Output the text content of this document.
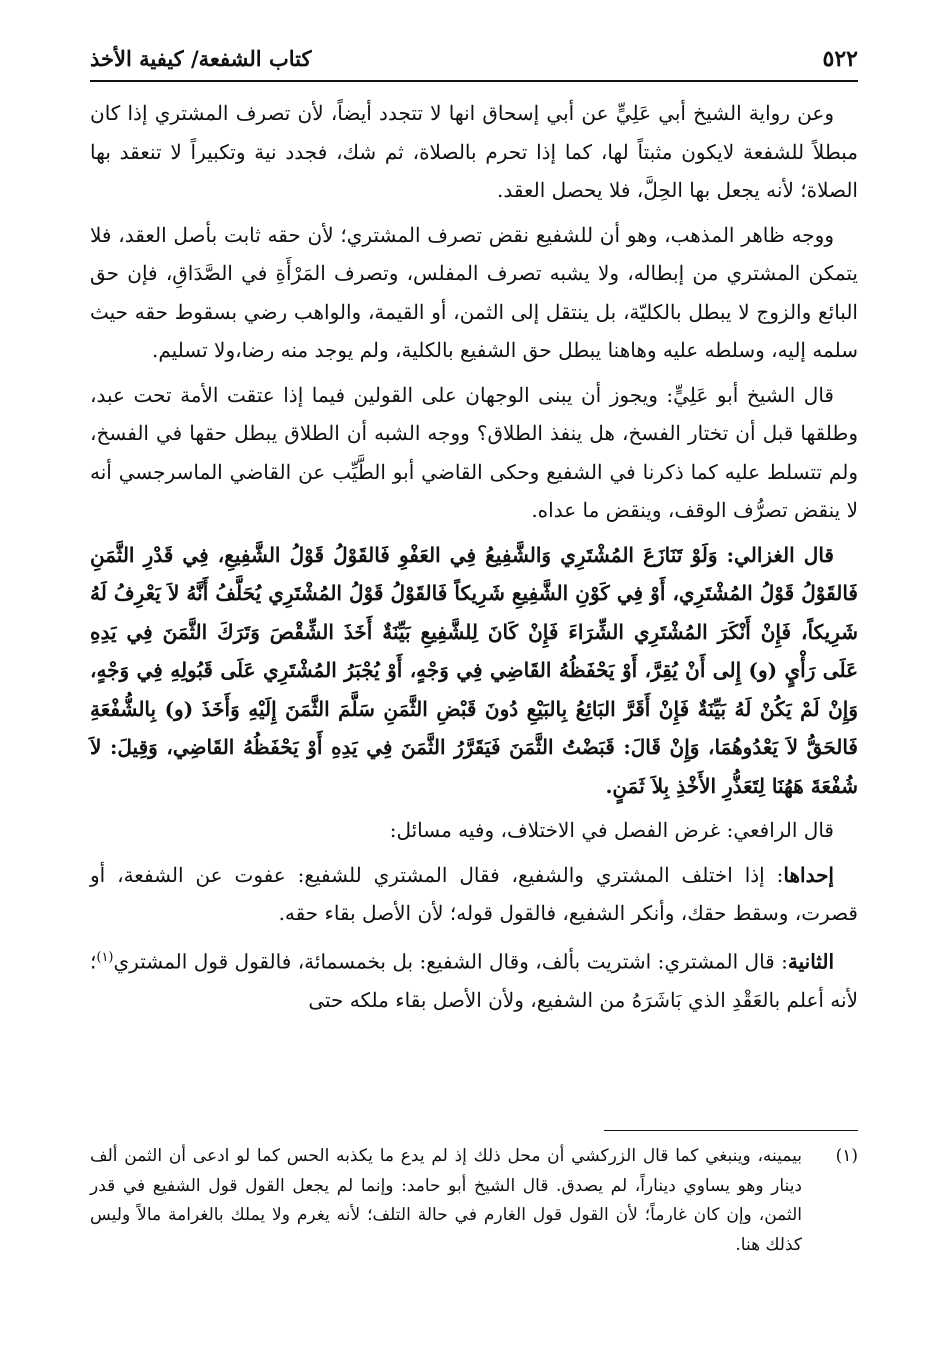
كتاب الشفعة/ كيفية الأخذ	٥٢٢

وعن رواية الشيخ أبي عَلِيٍّ عن أبي إسحاق انها لا تتجدد أيضاً، لأن تصرف المشتري إذا كان مبطلاً للشفعة لايكون مثبتاً لها، كما إذا تحرم بالصلاة، ثم شك، فجدد نية وتكبيراً لا تنعقد بها الصلاة؛ لأنه يجعل بها الحِلَّ، فلا يحصل العقد.

ووجه ظاهر المذهب، وهو أن للشفيع نقض تصرف المشتري؛ لأن حقه ثابت بأصل العقد، فلا يتمكن المشتري من إبطاله، ولا يشبه تصرف المفلس، وتصرف المَرْأَةِ في الصَّدَاقِ، فإن حق البائع والزوج لا يبطل بالكليّة، بل ينتقل إلى الثمن، أو القيمة، والواهب رضي بسقوط حقه حيث سلمه إليه، وسلطه عليه وهاهنا يبطل حق الشفيع بالكلية، ولم يوجد منه رضا،ولا تسليم.

قال الشيخ أبو عَلِيٍّ: ويجوز أن يبنى الوجهان على القولين فيما إذا عتقت الأمة تحت عبد، وطلقها قبل أن تختار الفسخ، هل ينفذ الطلاق؟ ووجه الشبه أن الطلاق يبطل حقها في الفسخ، ولم تتسلط عليه كما ذكرنا في الشفيع وحكى القاضي أبو الطَّيِّب عن القاضي الماسرجسي أنه لا ينقض تصرُّف الوقف، وينقض ما عداه.

قال الغزالي: وَلَوْ تَنَازَعَ المُشْتَرِي وَالشَّفِيعُ فِي العَفْوِ فَالقَوْلُ قَوْلُ الشَّفِيعِ، فِي قَدْرِ الثَّمَنِ فَالقَوْلُ قَوْلُ المُشْتَرِي، أَوْ فِي كَوْنِ الشَّفِيعِ شَرِيكاً فَالقَوْلُ قَوْلُ المُشْتَرِي يُحَلَّفُ أَنَّهُ لاَ يَعْرِفُ لَهُ شَرِيكاً، فَإِنْ أَنْكَرَ المُشْتَرِي الشِّرَاءَ فَإِنْ كَانَ لِلشَّفِيعِ بَيِّنَةٌ أَخَذَ الشِّقْصَ وَتَرَكَ الثَّمَنَ فِي يَدِهِ عَلَى رَأْيٍ (و) إِلى أَنْ يُقِرَّ، أَوْ يَحْفَظُهُ القَاضِي فِي وَجْهٍ، أَوْ يُجْبَرُ المُشْتَرِي عَلَى قَبُولِهِ فِي وَجْهٍ، وَإِنْ لَمْ يَكُنْ لَهُ بَيِّنَةٌ فَإِنْ أَقَرَّ البَائِعُ بِالبَيْعِ دُونَ قَبْضِ الثَّمَنِ سَلَّمَ الثَّمَنَ إِلَيْهِ وَأَخَذَ (و) بِالشُّفْعَةِ فَالحَقُّ لاَ يَعْدُوهُمَا، وَإِنْ قَالَ: قَبَضْتُ الثَّمَنَ فَيَقَرَّرُ الثَّمَنَ فِي يَدِهِ أَوْ يَحْفَظُهُ القَاضِي، وَقِيلَ: لاَ شُفْعَةَ هَهُنَا لِتَعَذُّرِ الأَخْذِ بِلاَ ثَمَنٍ.

قال الرافعي: غرض الفصل في الاختلاف، وفيه مسائل:

إحداها: إذا اختلف المشتري والشفيع، فقال المشتري للشفيع: عفوت عن الشفعة، أو قصرت، وسقط حقك، وأنكر الشفيع، فالقول قوله؛ لأن الأصل بقاء حقه.

الثانية: قال المشتري: اشتريت بألف، وقال الشفيع: بل بخمسمائة، فالقول قول المشتري$^{(١)}$؛ لأنه أعلم بالعَقْدِ الذي بَاشَرَهُ من الشفيع، ولأن الأصل بقاء ملكه حتى

(١)
بيمينه، وينبغي كما قال الزركشي أن محل ذلك إذ لم يدع ما يكذبه الحس كما لو ادعى أن الثمن ألف دينار وهو يساوي ديناراً، لم يصدق. قال الشيخ أبو حامد: وإنما لم يجعل القول قول الشفيع في قدر الثمن، وإن كان غارماً؛ لأن القول قول الغارم في حالة التلف؛ لأنه يغرم ولا يملك بالغرامة مالاً وليس كذلك هنا.
